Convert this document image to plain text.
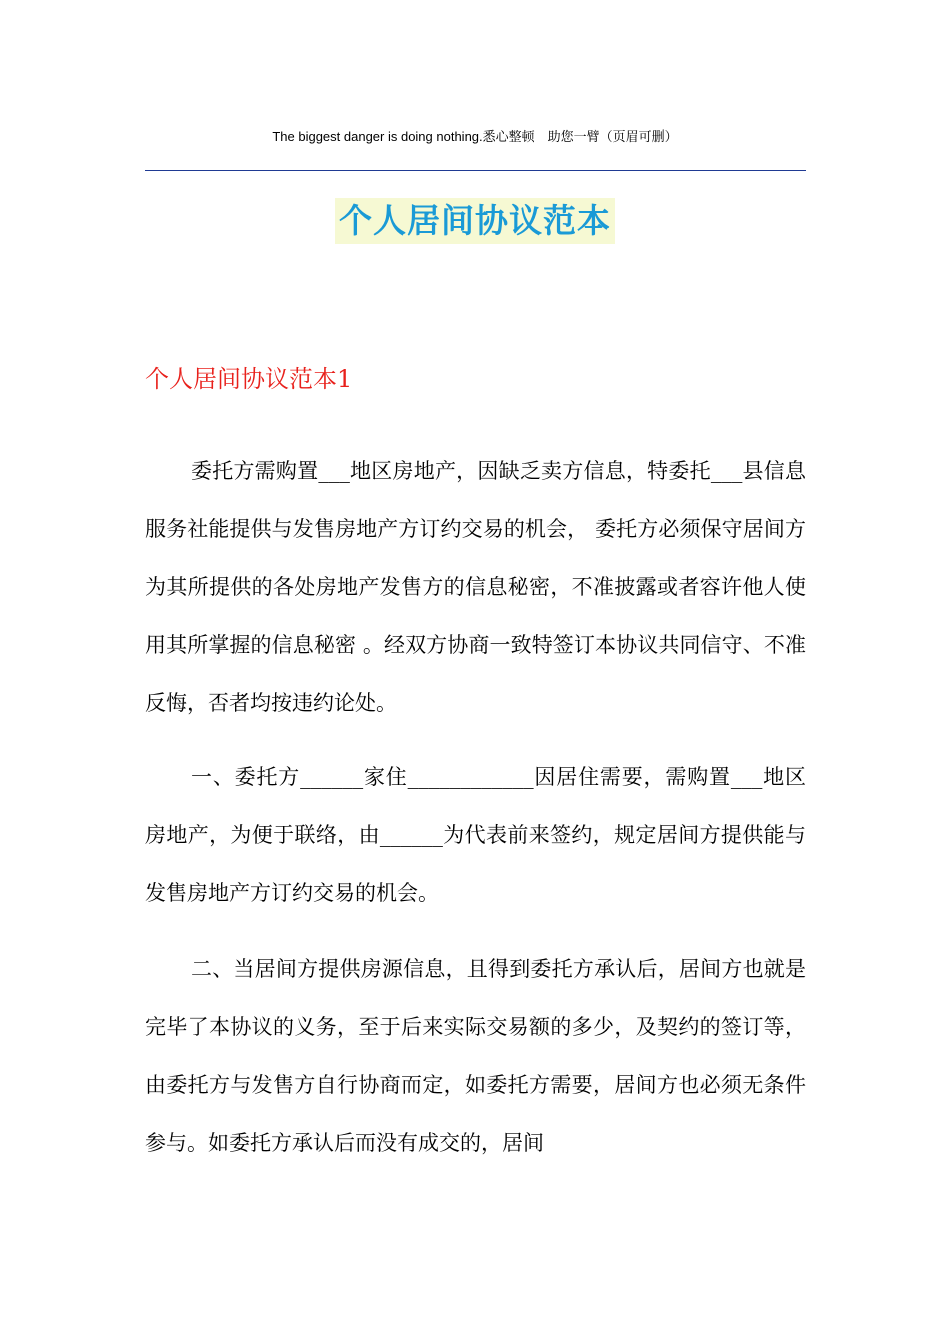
The biggest danger is doing nothing.悉心整顿　助您一臂（页眉可删）
个人居间协议范本
个人居间协议范本1

委托方需购置___地区房地产，因缺乏卖方信息，特委托___县信息服务社能提供与发售房地产方订约交易的机会， 委托方必须保守居间方为其所提供的各处房地产发售方的信息秘密，不准披露或者容许他人使用其所掌握的信息秘密 。经双方协商一致特签订本协议共同信守、不准反悔，否者均按违约论处。

一、委托方______家住____________因居住需要，需购置___地区房地产，为便于联络，由______为代表前来签约，规定居间方提供能与发售房地产方订约交易的机会。

二、当居间方提供房源信息，且得到委托方承认后，居间方也就是完毕了本协议的义务，至于后来实际交易额的多少，及契约的签订等，由委托方与发售方自行协商而定，如委托方需要，居间方也必须无条件参与。如委托方承认后而没有成交的，居间
